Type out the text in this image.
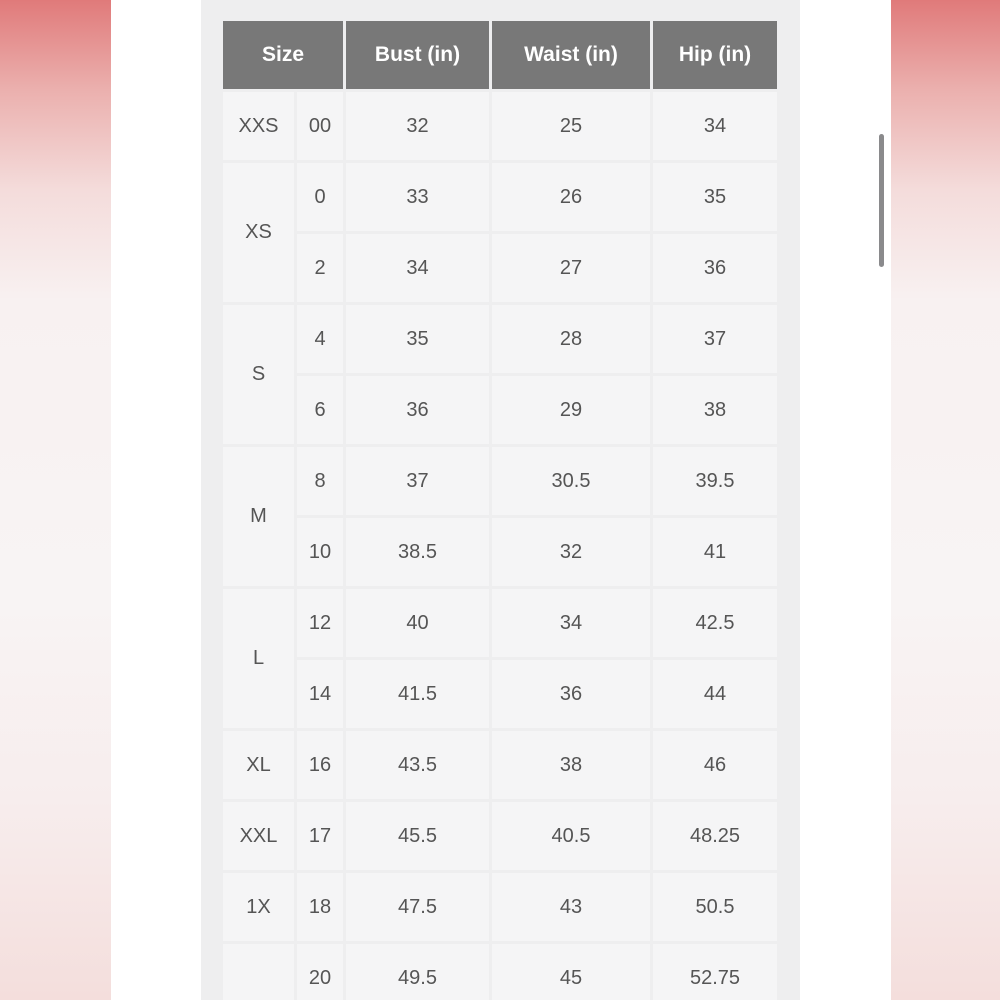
Size		Bust (in)	Waist (in)	Hip (in)
XXS	00	32	25	34
XS	0	33	26	35
	2	34	27	36
S	4	35	28	37
	6	36	29	38
M	8	37	30.5	39.5
	10	38.5	32	41
L	12	40	34	42.5
	14	41.5	36	44
XL	16	43.5	38	46
XXL	17	45.5	40.5	48.25
1X	18	47.5	43	50.5
	20	49.5	45	52.75
